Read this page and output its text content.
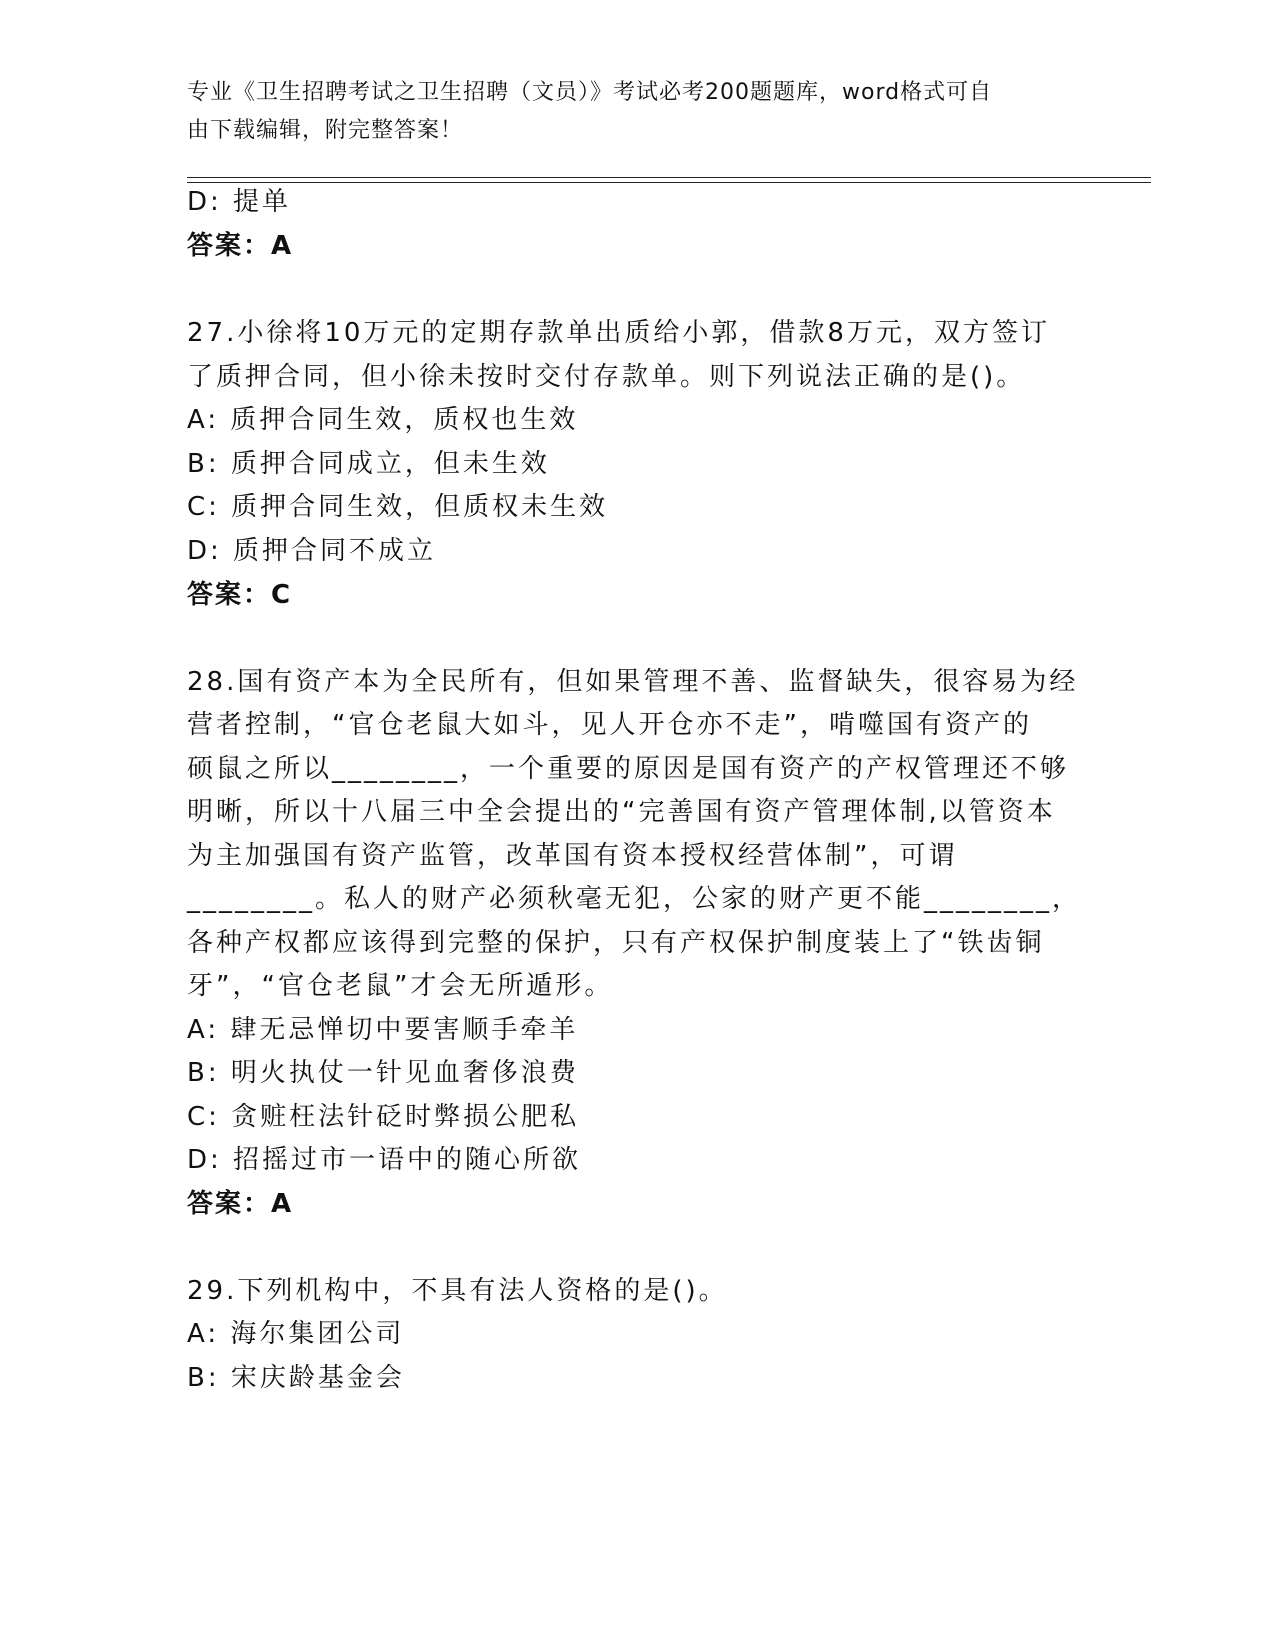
专业《卫生招聘考试之卫生招聘（文员）》考试必考200题题库，word格式可自
由下载编辑，附完整答案！
D: 提单
答案：A
27.小徐将10万元的定期存款单出质给小郭，借款8万元，双方签订
了质押合同，但小徐未按时交付存款单。则下列说法正确的是()。
A: 质押合同生效，质权也生效
B: 质押合同成立，但未生效
C: 质押合同生效，但质权未生效
D: 质押合同不成立
答案：C
28.国有资产本为全民所有，但如果管理不善、监督缺失，很容易为经
营者控制，“官仓老鼠大如斗，见人开仓亦不走”，啃噬国有资产的
硕鼠之所以________，一个重要的原因是国有资产的产权管理还不够
明晰，所以十八届三中全会提出的“完善国有资产管理体制,以管资本
为主加强国有资产监管，改革国有资本授权经营体制”，可谓
________。私人的财产必须秋毫无犯，公家的财产更不能________，
各种产权都应该得到完整的保护，只有产权保护制度装上了“铁齿铜
牙”，“官仓老鼠”才会无所遁形。
A: 肆无忌惮切中要害顺手牵羊
B: 明火执仗一针见血奢侈浪费
C: 贪赃枉法针砭时弊损公肥私
D: 招摇过市一语中的随心所欲
答案：A
29.下列机构中，不具有法人资格的是()。
A: 海尔集团公司
B: 宋庆龄基金会
